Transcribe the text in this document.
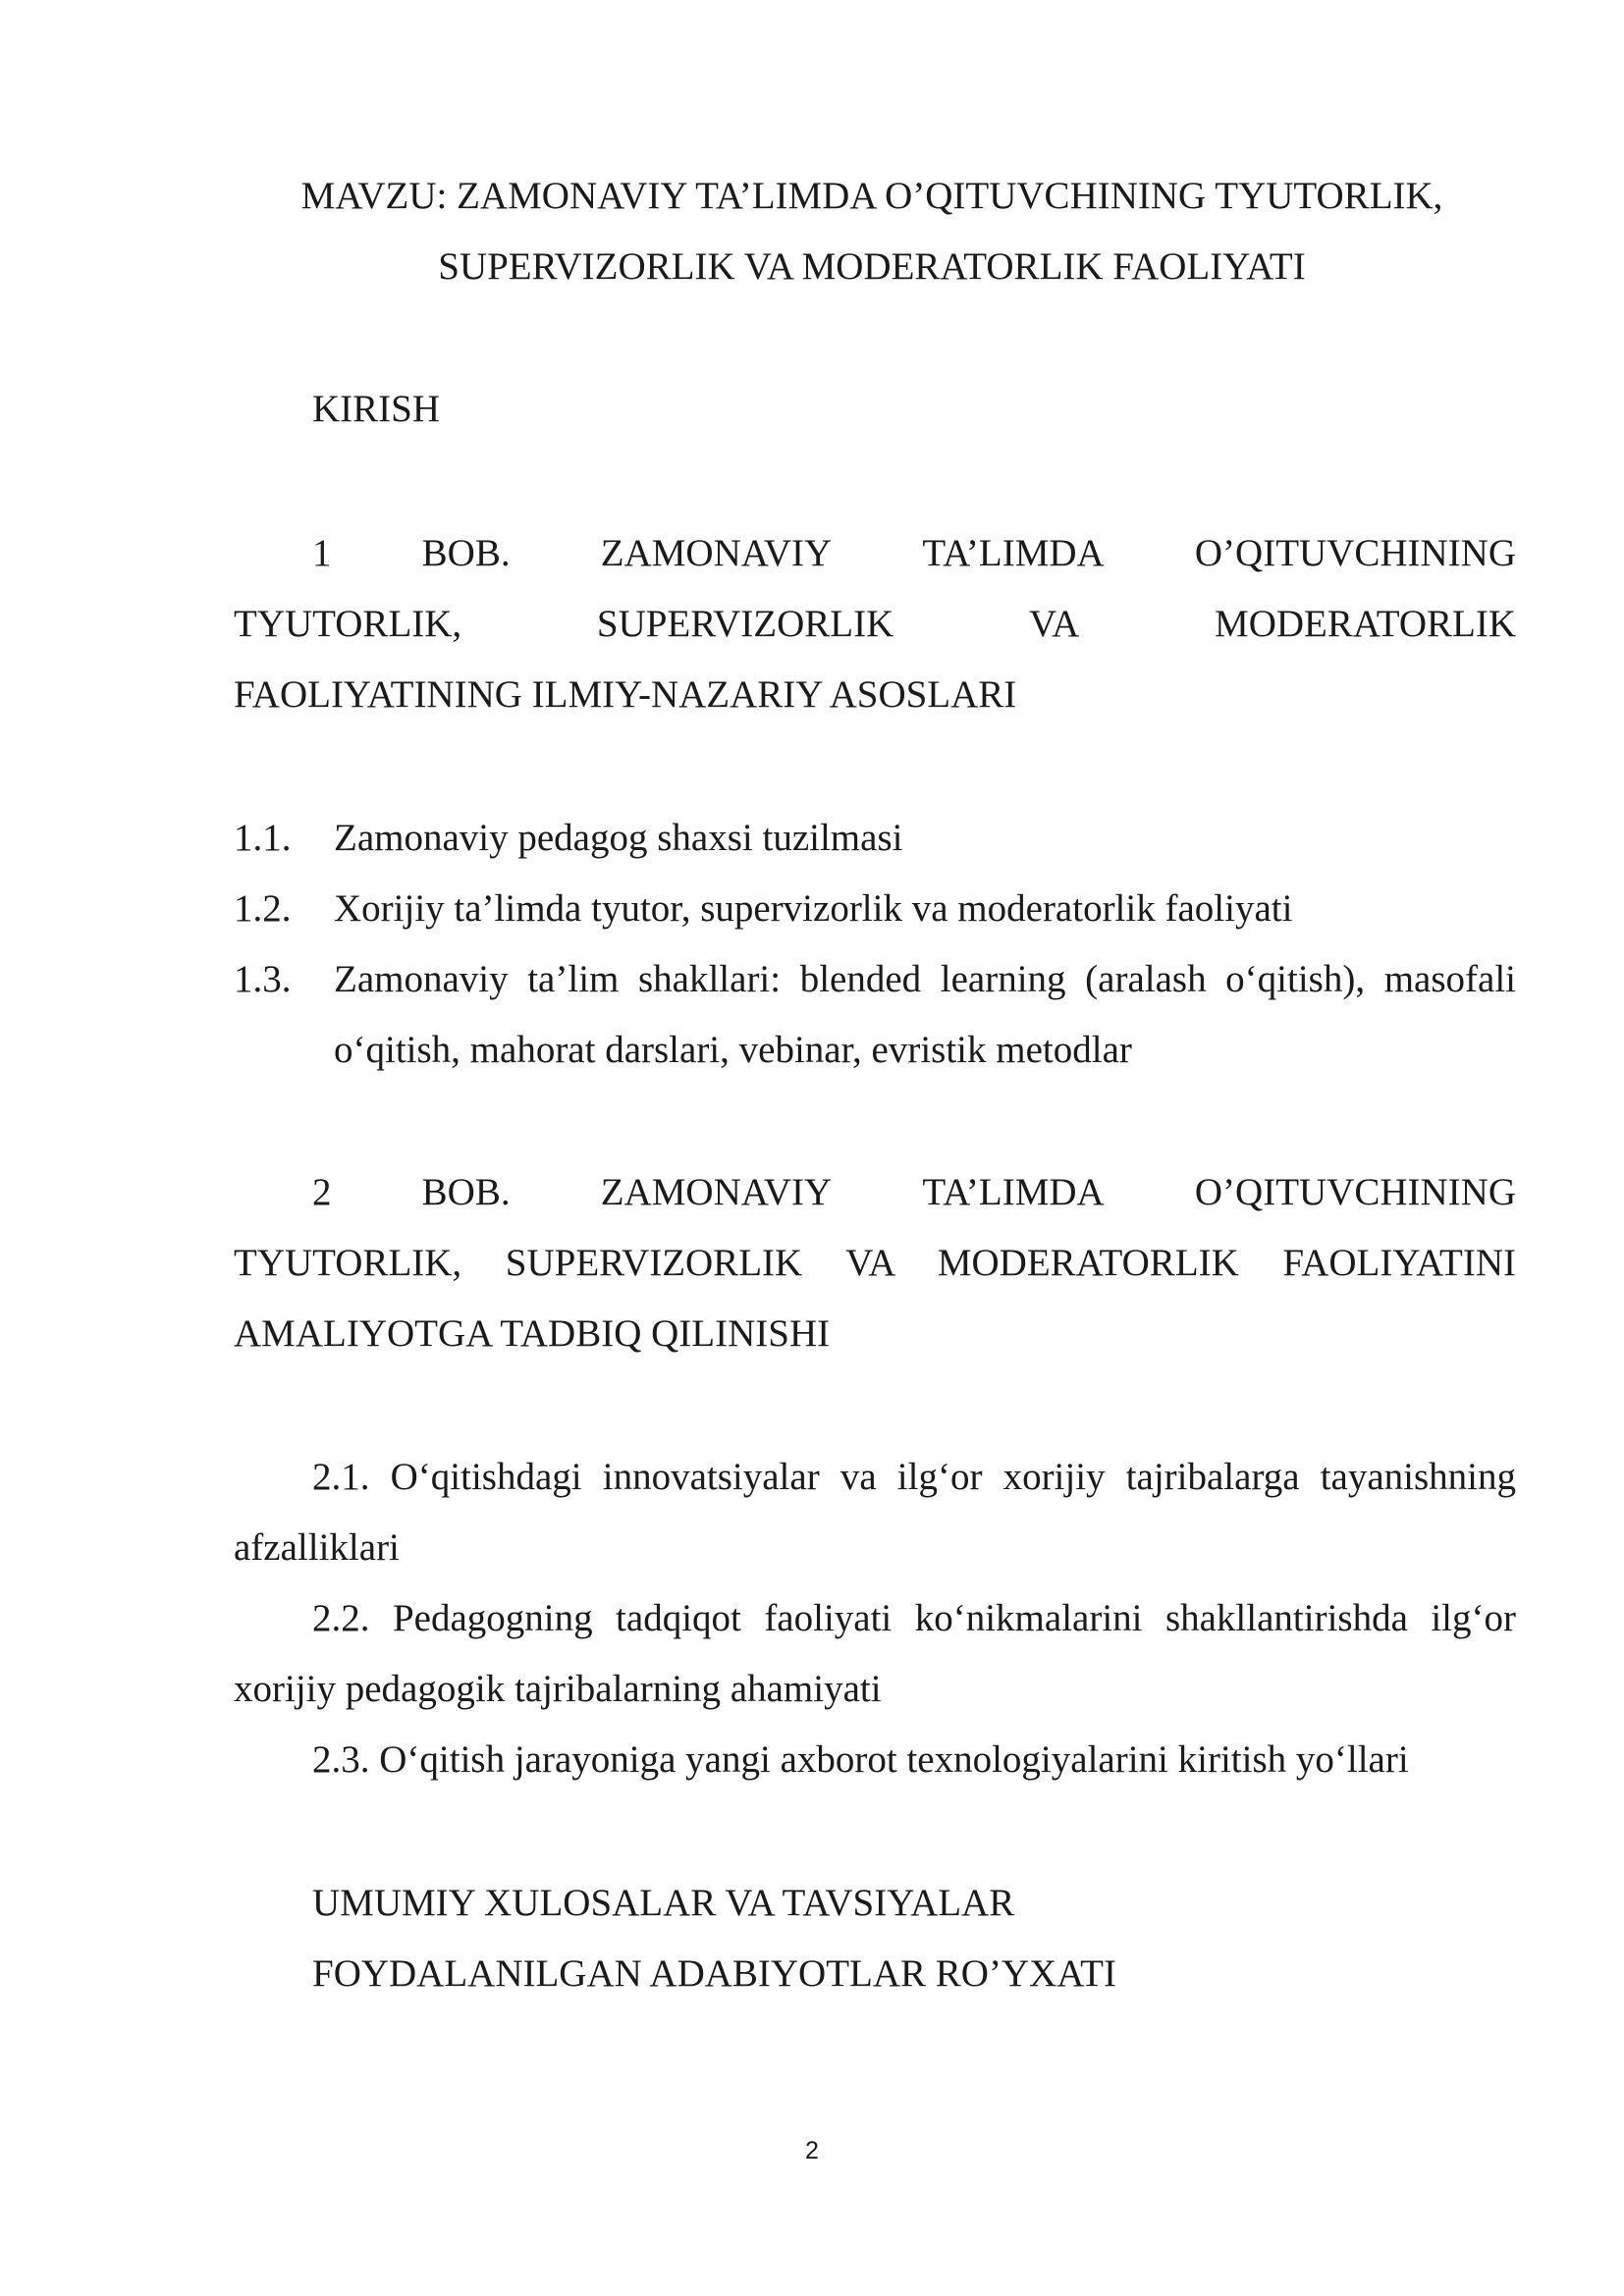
MAVZU: ZAMONAVIY TA’LIMDA O’QITUVCHINING TYUTORLIK,
SUPERVIZORLIK VA MODERATORLIK FAOLIYATI
KIRISH
1 BOB. ZAMONAVIY TA’LIMDA O’QITUVCHINING
TYUTORLIK,	SUPERVIZORLIK	VA	MODERATORLIK
FAOLIYATINING ILMIY-NAZARIY ASOSLARI
1.1.	Zamonaviy pedagog shaxsi tuzilmasi
1.2.	Xorijiy ta’limda tyutor, supervizorlik va moderatorlik faoliyati
1.3.	Zamonaviy ta’lim shakllari: blended learning (aralash o‘qitish), masofali o‘qitish, mahorat darslari, vebinar, evristik metodlar
2 BOB. ZAMONAVIY TA’LIMDA O’QITUVCHINING
TYUTORLIK, SUPERVIZORLIK VA MODERATORLIK FAOLIYATINI
AMALIYOTGA TADBIQ QILINISHI
2.1. O‘qitishdagi innovatsiyalar va ilg‘or xorijiy tajribalarga tayanishning afzalliklari
2.2. Pedagogning tadqiqot faoliyati ko‘nikmalarini shakllantirishda ilg‘or xorijiy pedagogik tajribalarning ahamiyati
2.3. O‘qitish jarayoniga yangi axborot texnologiyalarini kiritish yo‘llari
UMUMIY XULOSALAR VA TAVSIYALAR
FOYDALANILGAN ADABIYOTLAR RO’YXATI
2
